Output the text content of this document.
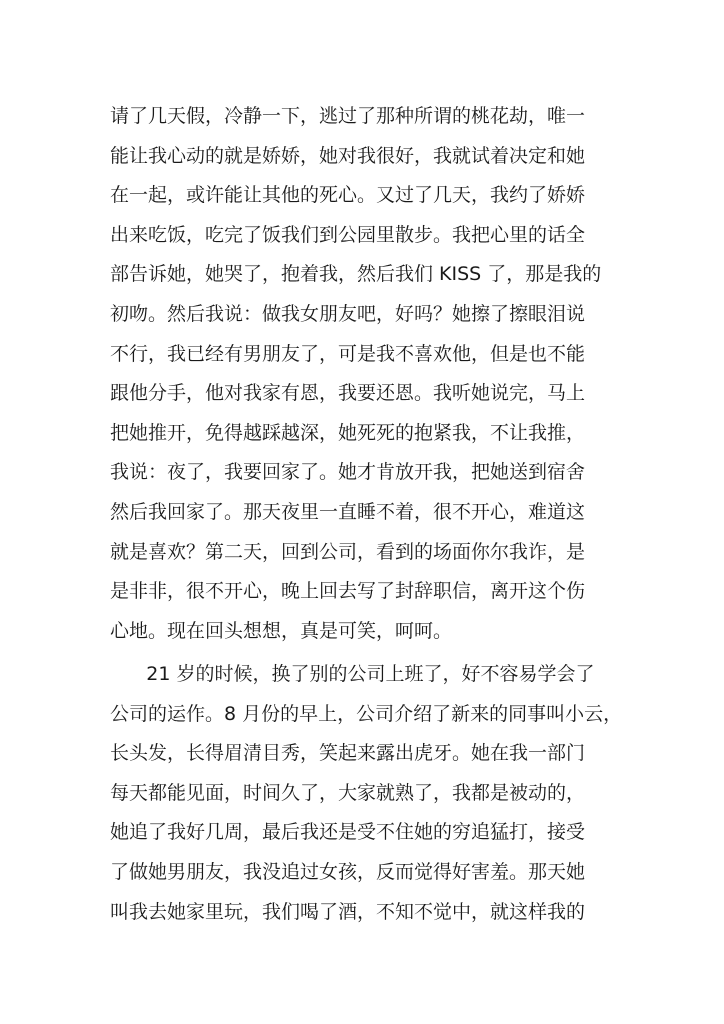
请了几天假，冷静一下，逃过了那种所谓的桃花劫，唯一
能让我心动的就是娇娇，她对我很好，我就试着决定和她
在一起，或许能让其他的死心。又过了几天，我约了娇娇
出来吃饭，吃完了饭我们到公园里散步。我把心里的话全
部告诉她，她哭了，抱着我，然后我们 KISS 了，那是我的
初吻。然后我说：做我女朋友吧，好吗？她擦了擦眼泪说
不行，我已经有男朋友了，可是我不喜欢他，但是也不能
跟他分手，他对我家有恩，我要还恩。我听她说完，马上
把她推开，免得越踩越深，她死死的抱紧我，不让我推，
我说：夜了，我要回家了。她才肯放开我，把她送到宿舍
然后我回家了。那天夜里一直睡不着，很不开心，难道这
就是喜欢？第二天，回到公司，看到的场面你尔我诈，是
是非非，很不开心，晚上回去写了封辞职信，离开这个伤
心地。现在回头想想，真是可笑，呵呵。
21 岁的时候，换了别的公司上班了，好不容易学会了
公司的运作。8 月份的早上，公司介绍了新来的同事叫小云，
长头发，长得眉清目秀，笑起来露出虎牙。她在我一部门
每天都能见面，时间久了，大家就熟了，我都是被动的，
她追了我好几周，最后我还是受不住她的穷追猛打，接受
了做她男朋友，我没追过女孩，反而觉得好害羞。那天她
叫我去她家里玩，我们喝了酒，不知不觉中，就这样我的
